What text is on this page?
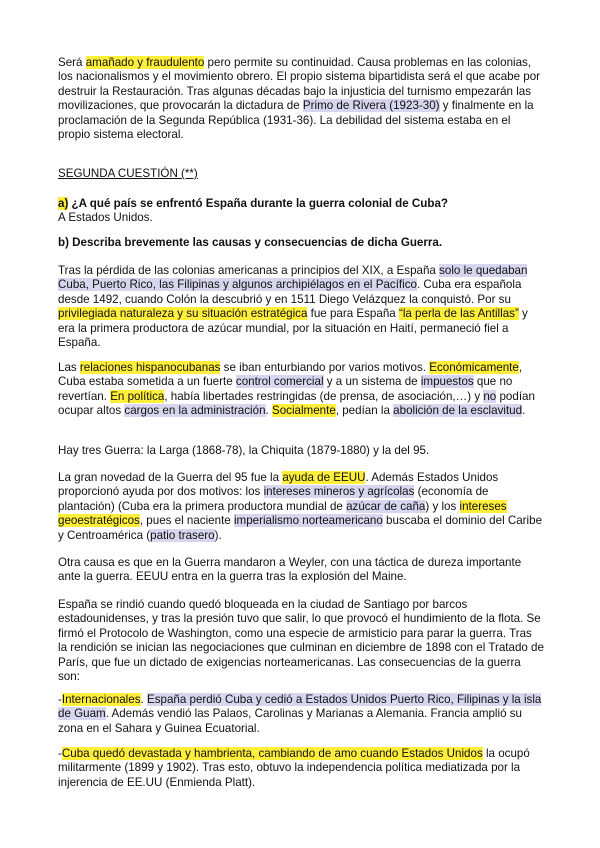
Será amañado y fraudulento pero permite su continuidad. Causa problemas en las colonias, los nacionalismos y el movimiento obrero. El propio sistema bipartidista será el que acabe por destruir la Restauración. Tras algunas décadas bajo la injusticia del turnismo empezarán las movilizaciones, que provocarán la dictadura de Primo de Rivera (1923-30) y finalmente en la proclamación de la Segunda República (1931-36). La debilidad del sistema estaba en el propio sistema electoral.

SEGUNDA CUESTIÓN (**)

a) ¿A qué país se enfrentó España durante la guerra colonial de Cuba?
A Estados Unidos.

b) Describa brevemente las causas y consecuencias de dicha Guerra.

Tras la pérdida de las colonias americanas a principios del XIX, a España solo le quedaban Cuba, Puerto Rico, las Filipinas y algunos archipiélagos en el Pacífico. Cuba era española desde 1492, cuando Colón la descubrió y en 1511 Diego Velázquez la conquistó. Por su privilegiada naturaleza y su situación estratégica fue para España “la perla de las Antillas” y era la primera productora de azúcar mundial, por la situación en Haití, permaneció fiel a España.

Las relaciones hispanocubanas se iban enturbiando por varios motivos. Económicamente, Cuba estaba sometida a un fuerte control comercial y a un sistema de impuestos que no revertían. En política, había libertades restringidas (de prensa, de asociación,…) y no podían ocupar altos cargos en la administración. Socialmente, pedían la abolición de la esclavitud.

Hay tres Guerra: la Larga (1868-78), la Chiquita (1879-1880) y la del 95.

La gran novedad de la Guerra del 95 fue la ayuda de EEUU. Además Estados Unidos proporcionó ayuda por dos motivos: los intereses mineros y agrícolas (economía de plantación) (Cuba era la primera productora mundial de azúcar de caña) y los intereses geoestratégicos, pues el naciente imperialismo norteamericano buscaba el dominio del Caribe y Centroamérica (patio trasero).

Otra causa es que en la Guerra mandaron a Weyler, con una táctica de dureza importante ante la guerra. EEUU entra en la guerra tras la explosión del Maine.

España se rindió cuando quedó bloqueada en la ciudad de Santiago por barcos estadounidenses, y tras la presión tuvo que salir, lo que provocó el hundimiento de la flota. Se firmó el Protocolo de Washington, como una especie de armisticio para parar la guerra. Tras la rendición se inician las negociaciones que culminan en diciembre de 1898 con el Tratado de París, que fue un dictado de exigencias norteamericanas. Las consecuencias de la guerra son:

-Internacionales. España perdió Cuba y cedió a Estados Unidos Puerto Rico, Filipinas y la isla de Guam. Además vendió las Palaos, Carolinas y Marianas a Alemania. Francia amplió su zona en el Sahara y Guinea Ecuatorial.

-Cuba quedó devastada y hambrienta, cambiando de amo cuando Estados Unidos la ocupó militarmente (1899 y 1902). Tras esto, obtuvo la independencia política mediatizada por la injerencia de EE.UU (Enmienda Platt).
